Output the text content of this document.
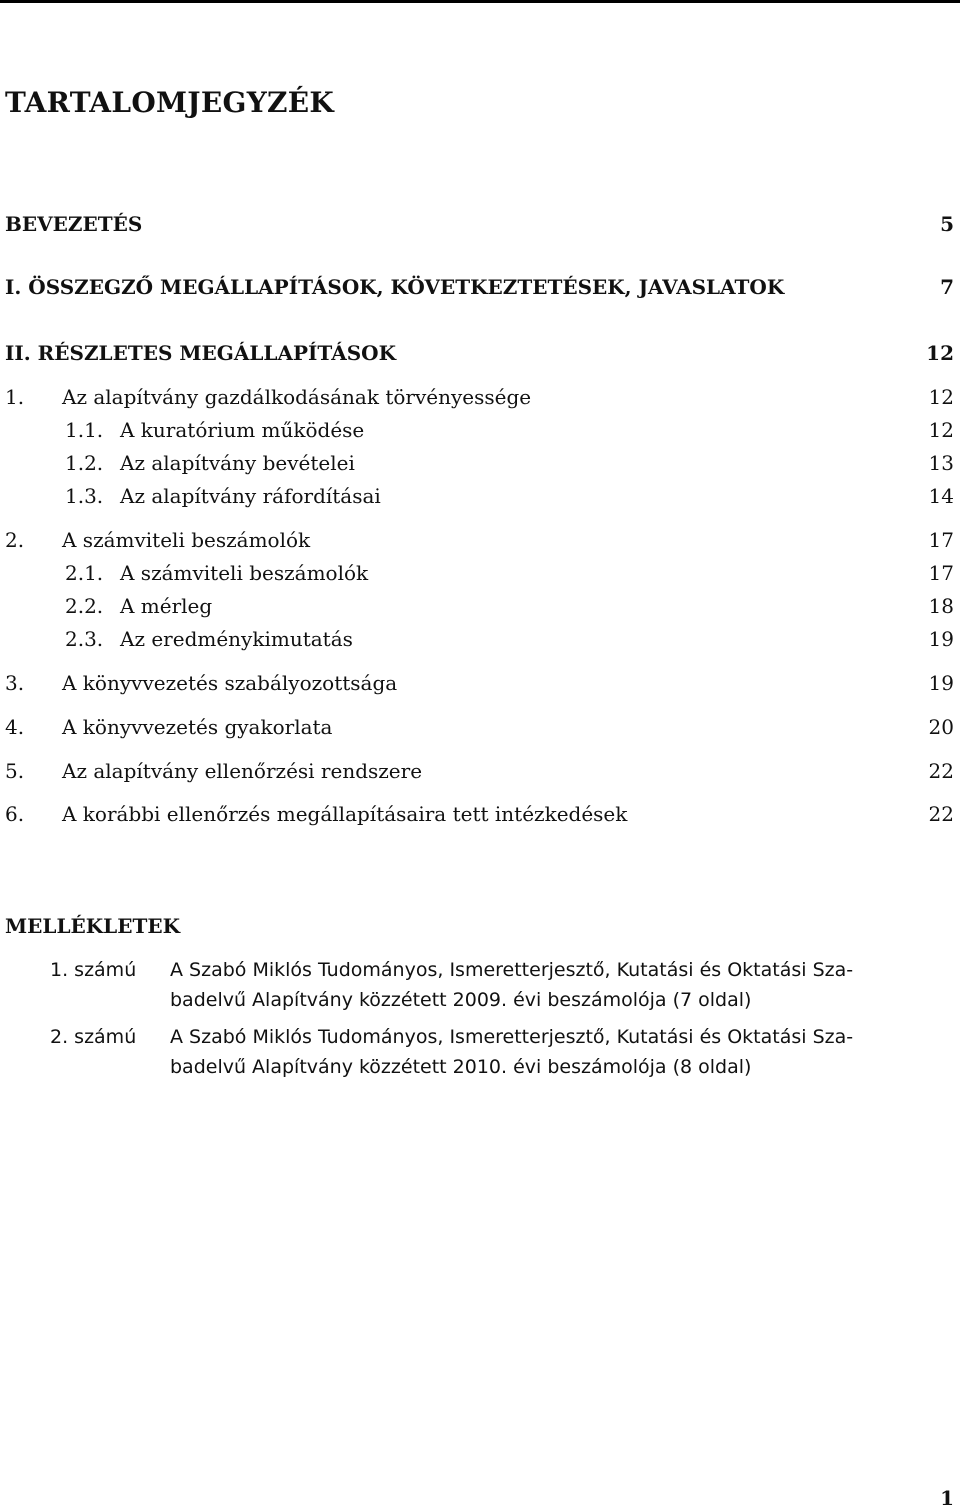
TARTALOMJEGYZÉK
BEVEZETÉS	5
I. ÖSSZEGZŐ MEGÁLLAPÍTÁSOK, KÖVETKEZTETÉSEK, JAVASLATOK	7
II. RÉSZLETES MEGÁLLAPÍTÁSOK	12
1. Az alapítvány gazdálkodásának törvényessége	12
1.1. A kuratórium működése	12
1.2. Az alapítvány bevételei	13
1.3. Az alapítvány ráfordításai	14
2. A számviteli beszámolók	17
2.1. A számviteli beszámolók	17
2.2. A mérleg	18
2.3. Az eredménykimutatás	19
3. A könyvvezetés szabályozottsága	19
4. A könyvvezetés gyakorlata	20
5. Az alapítvány ellenőrzési rendszere	22
6. A korábbi ellenőrzés megállapításaira tett intézkedések	22
MELLÉKLETEK
1. számú A Szabó Miklós Tudományos, Ismeretterjesztő, Kutatási és Oktatási Sza-
badelvű Alapítvány közzétett 2009. évi beszámolója (7 oldal)
2. számú A Szabó Miklós Tudományos, Ismeretterjesztő, Kutatási és Oktatási Sza-
badelvű Alapítvány közzétett 2010. évi beszámolója (8 oldal)
1
